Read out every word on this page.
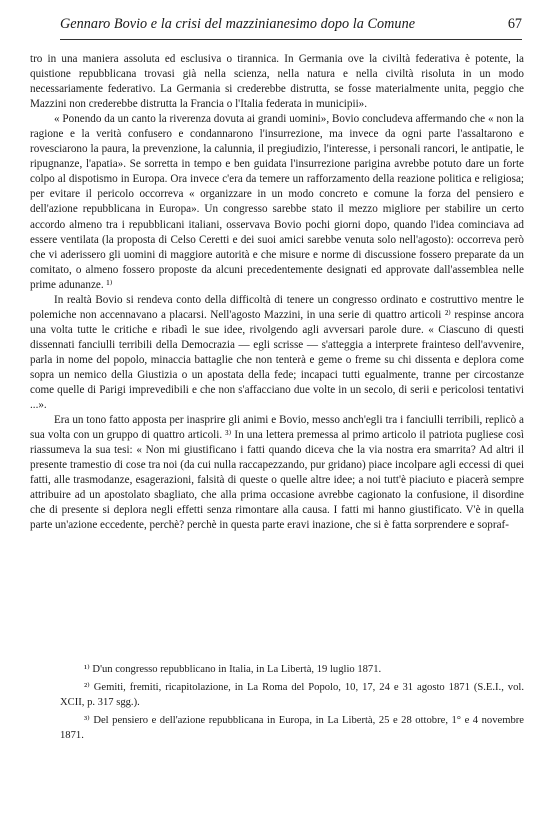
Gennaro Bovio e la crisi del mazzinianesimo dopo la Comune	67

tro in una maniera assoluta ed esclusiva o tirannica. In Germania ove la civiltà federativa è potente, la quistione repubblicana trovasi già nella scienza, nella natura e nella civiltà risoluta in un modo necessariamente federativo. La Germania si crederebbe distrutta, se fosse materialmente unita, peggio che Mazzini non crederebbe distrutta la Francia o l'Italia federata in municipii».

« Ponendo da un canto la riverenza dovuta ai grandi uomini», Bovio concludeva affermando che « non la ragione e la verità confusero e condannarono l'insurrezione, ma invece da ogni parte l'assaltarono e rovesciarono la paura, la prevenzione, la calunnia, il pregiudizio, l'interesse, i personali rancori, le antipatie, le ripugnanze, l'apatia». Se sorretta in tempo e ben guidata l'insurrezione parigina avrebbe potuto dare un forte colpo al dispotismo in Europa. Ora invece c'era da temere un rafforzamento della reazione politica e religiosa; per evitare il pericolo occorreva « organizzare in un modo concreto e comune la forza del pensiero e dell'azione repubblicana in Europa». Un congresso sarebbe stato il mezzo migliore per stabilire un certo accordo almeno tra i repubblicani italiani, osservava Bovio pochi giorni dopo, quando l'idea cominciava ad essere ventilata (la proposta di Celso Ceretti e dei suoi amici sarebbe venuta solo nell'agosto): occorreva però che vi aderissero gli uomini di maggiore autorità e che misure e norme di discussione fossero preparate da un comitato, o almeno fossero proposte da alcuni precedentemente designati ed approvate dall'assemblea nelle prime adunanze. ¹⁾

In realtà Bovio si rendeva conto della difficoltà di tenere un congresso ordinato e costruttivo mentre le polemiche non accennavano a placarsi. Nell'agosto Mazzini, in una serie di quattro articoli ²⁾ respinse ancora una volta tutte le critiche e ribadì le sue idee, rivolgendo agli avversari parole dure. « Ciascuno di questi dissennati fanciulli terribili della Democrazia — egli scrisse — s'atteggia a interprete frainteso dell'avvenire, parla in nome del popolo, minaccia battaglie che non tenterà e geme o freme su chi dissenta e deplora come sopra un nemico della Giustizia o un apostata della fede; incapaci tutti egualmente, tranne per circostanze come quelle di Parigi imprevedibili e che non s'affacciano due volte in un secolo, di serii e pericolosi tentativi ...».

Era un tono fatto apposta per inasprire gli animi e Bovio, messo anch'egli tra i fanciulli terribili, replicò a sua volta con un gruppo di quattro articoli. ³⁾ In una lettera premessa al primo articolo il patriota pugliese così riassumeva la sua tesi: « Non mi giustificano i fatti quando diceva che la via nostra era smarrita? Ad altri il presente tramestio di cose tra noi (da cui nulla raccapezzando, pur gridano) piace incolpare agli eccessi di quei fatti, alle trasmodanze, esagerazioni, falsità di queste o quelle altre idee; a noi tutt'è piaciuto e piacerà sempre attribuire ad un apostolato sbagliato, che alla prima occasione avrebbe cagionato la confusione, il disordine che di presente si deplora negli effetti senza rimontare alla causa. I fatti mi hanno giustificato. V'è in quella parte un'azione eccedente, perchè? perchè in questa parte eravi inazione, che si è fatta sorprendere e sopraf-

¹⁾ D'un congresso repubblicano in Italia, in La Libertà, 19 luglio 1871.

²⁾ Gemiti, fremiti, ricapitolazione, in La Roma del Popolo, 10, 17, 24 e 31 agosto 1871 (S.E.I., vol. XCII, p. 317 sgg.).

³⁾ Del pensiero e dell'azione repubblicana in Europa, in La Libertà, 25 e 28 ottobre, 1° e 4 novembre 1871.
